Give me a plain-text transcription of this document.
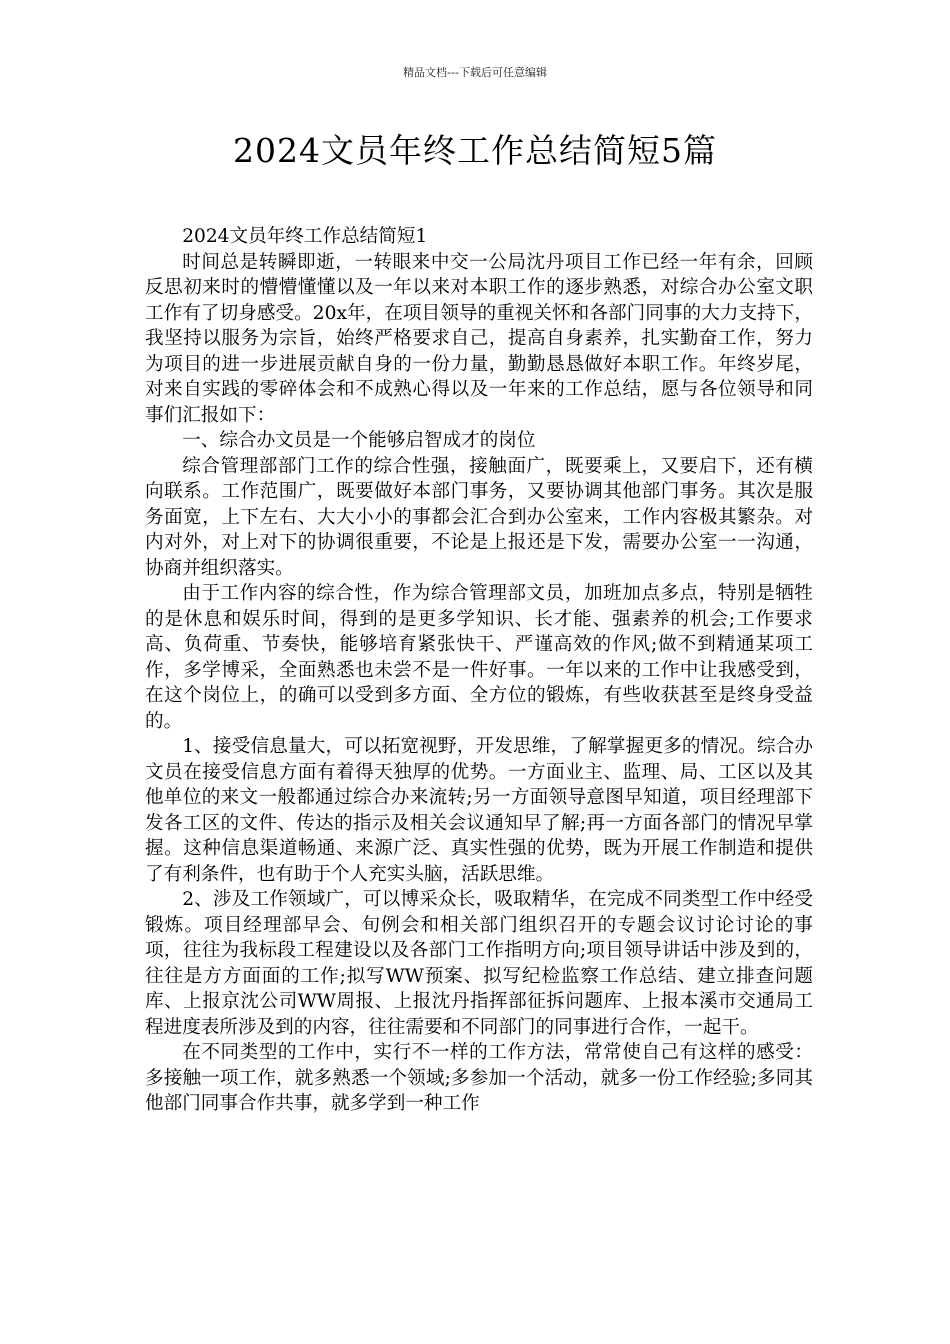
精品文档---下载后可任意编辑
2024文员年终工作总结简短5篇

2024文员年终工作总结简短1

时间总是转瞬即逝，一转眼来中交一公局沈丹项目工作已经一年有余，回顾反思初来时的懵懵懂懂以及一年以来对本职工作的逐步熟悉，对综合办公室文职工作有了切身感受。20x年，在项目领导的重视关怀和各部门同事的大力支持下，我坚持以服务为宗旨，始终严格要求自己，提高自身素养，扎实勤奋工作，努力为项目的进一步进展贡献自身的一份力量，勤勤恳恳做好本职工作。年终岁尾，对来自实践的零碎体会和不成熟心得以及一年来的工作总结，愿与各位领导和同事们汇报如下：

一、综合办文员是一个能够启智成才的岗位

综合管理部部门工作的综合性强，接触面广，既要乘上，又要启下，还有横向联系。工作范围广，既要做好本部门事务，又要协调其他部门事务。其次是服务面宽，上下左右、大大小小的事都会汇合到办公室来，工作内容极其繁杂。对内对外，对上对下的协调很重要，不论是上报还是下发，需要办公室一一沟通，协商并组织落实。

由于工作内容的综合性，作为综合管理部文员，加班加点多点，特别是牺牲的是休息和娱乐时间，得到的是更多学知识、长才能、强素养的机会;工作要求高、负荷重、节奏快，能够培育紧张快干、严谨高效的作风;做不到精通某项工作，多学博采，全面熟悉也未尝不是一件好事。一年以来的工作中让我感受到，在这个岗位上，的确可以受到多方面、全方位的锻炼，有些收获甚至是终身受益的。

1、接受信息量大，可以拓宽视野，开发思维，了解掌握更多的情况。综合办文员在接受信息方面有着得天独厚的优势。一方面业主、监理、局、工区以及其他单位的来文一般都通过综合办来流转;另一方面领导意图早知道，项目经理部下发各工区的文件、传达的指示及相关会议通知早了解;再一方面各部门的情况早掌握。这种信息渠道畅通、来源广泛、真实性强的优势，既为开展工作制造和提供了有利条件，也有助于个人充实头脑，活跃思维。

2、涉及工作领域广，可以博采众长，吸取精华，在完成不同类型工作中经受锻炼。项目经理部早会、旬例会和相关部门组织召开的专题会议讨论讨论的事项，往往为我标段工程建设以及各部门工作指明方向;项目领导讲话中涉及到的，往往是方方面面的工作;拟写WW预案、拟写纪检监察工作总结、建立排查问题库、上报京沈公司WW周报、上报沈丹指挥部征拆问题库、上报本溪市交通局工程进度表所涉及到的内容，往往需要和不同部门的同事进行合作，一起干。

在不同类型的工作中，实行不一样的工作方法，常常使自己有这样的感受：多接触一项工作，就多熟悉一个领域;多参加一个活动，就多一份工作经验;多同其他部门同事合作共事，就多学到一种工作
